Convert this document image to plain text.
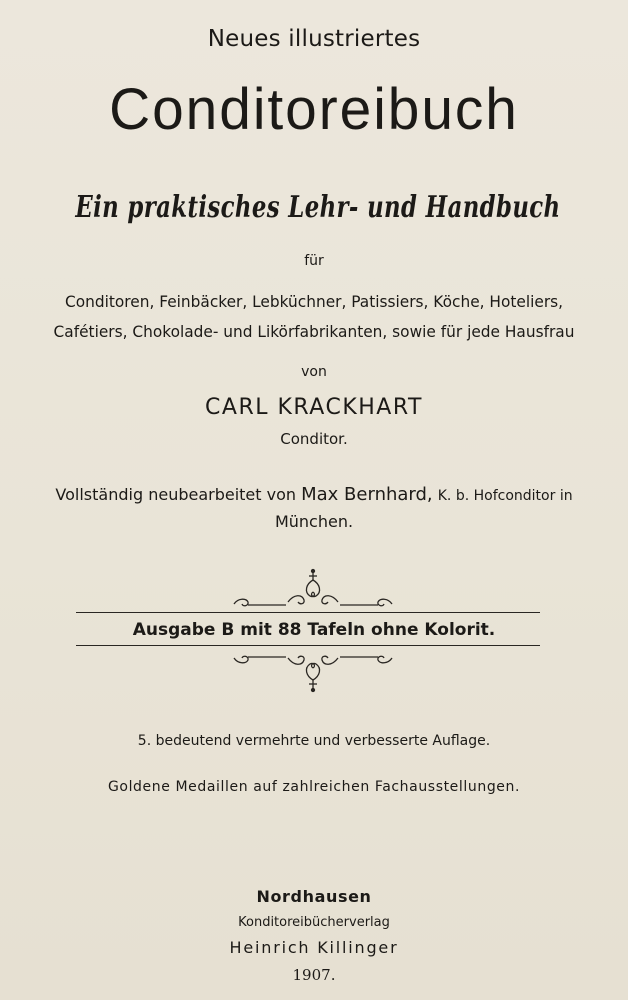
Neues illustriertes
Conditoreibuch
Ein praktisches Lehr- und Handbuch
für
Conditoren, Feinbäcker, Lebküchner, Patissiers, Köche, Hoteliers,
Cafétiers, Chokolade- und Likörfabrikanten, sowie für jede Hausfrau
von
CARL KRACKHART
Conditor.
Vollständig neubearbeitet von Max Bernhard, K. b. Hofconditor in
München.
Ausgabe B mit 88 Tafeln ohne Kolorit.
5. bedeutend vermehrte und verbesserte Auflage.
Goldene Medaillen auf zahlreichen Fachausstellungen.
Nordhausen
Konditoreibücherverlag
Heinrich Killinger
1907.
